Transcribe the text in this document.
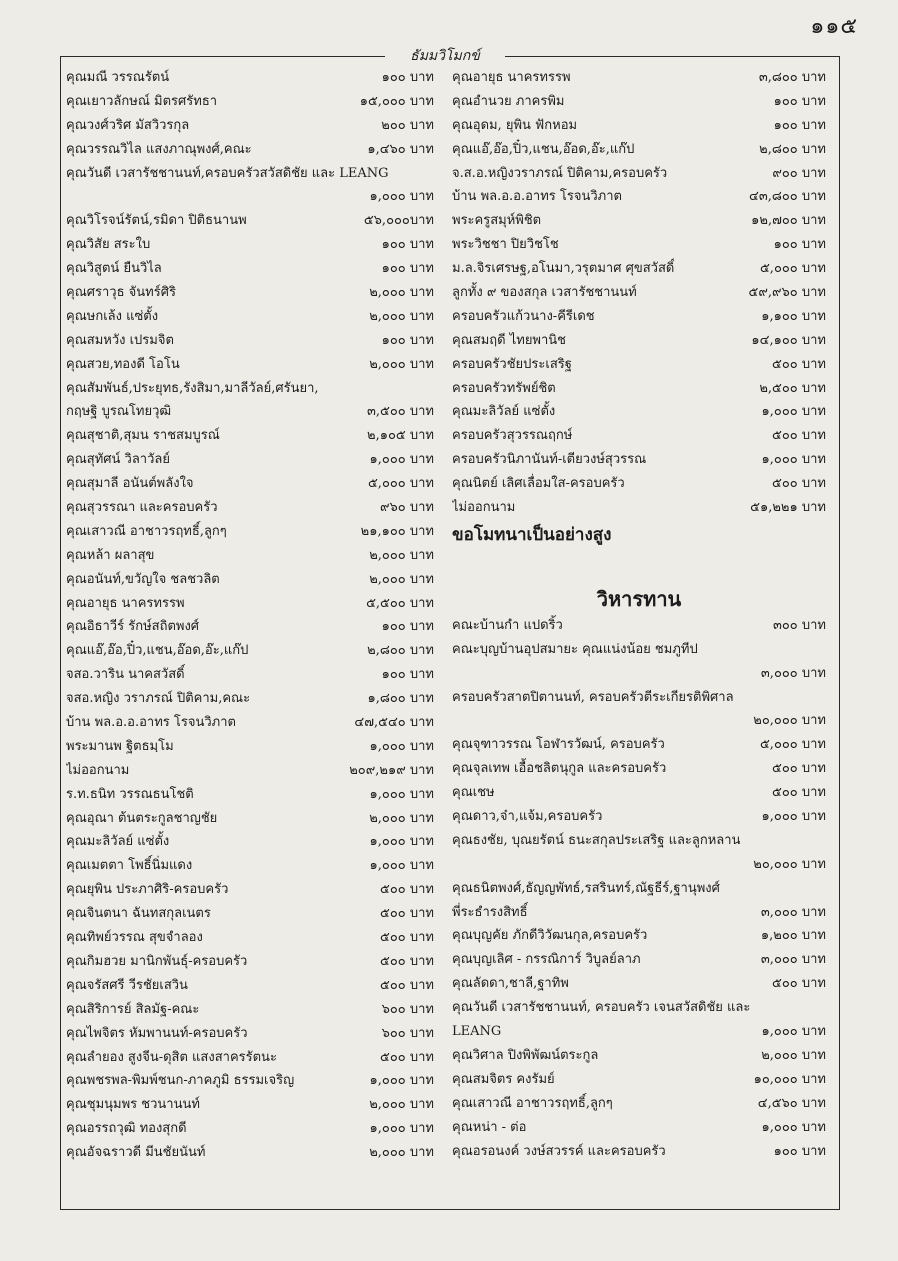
๑๑๕
ธัมมวิโมกข์
คุณมณี วรรณรัตน์	๑๐๐ บาท
คุณเยาวลักษณ์ มิตรศรัทธา	๑๕,๐๐๐ บาท
คุณวงศ์วริศ มัสวิวรกุล	๒๐๐ บาท
คุณวรรณวิไล แสงภาณุพงศ์,คณะ	๑,๔๖๐ บาท
คุณวันดี เวสารัชชานนท์,ครอบครัวสวัสดิชัย และ LEANG
๑,๐๐๐ บาท
คุณวิโรจน์รัตน์,รมิดา ปิติธนานพ	๕๖,๐๐๐บาท
คุณวิสัย สระใบ	๑๐๐ บาท
คุณวิสูตน์ ยืนวิไล	๑๐๐ บาท
คุณศราวุธ จันทร์ศิริ	๒,๐๐๐ บาท
คุณษกเล้ง แซ่ตั้ง	๒,๐๐๐ บาท
คุณสมหวัง เปรมจิต	๑๐๐ บาท
คุณสวย,ทองดี โอโน	๒,๐๐๐ บาท
คุณสัมพันธ์,ประยุทธ,รังสิมา,มาลีวัลย์,ศรันยา,
กฤษฐิ บูรณโทยวุฒิ	๓,๕๐๐ บาท
คุณสุชาติ,สุมน ราชสมบูรณ์	๒,๑๐๕ บาท
คุณสุทัศน์ วิลาวัลย์	๑,๐๐๐ บาท
คุณสุมาลี อนันต์พลังใจ	๕,๐๐๐ บาท
คุณสุวรรณา และครอบครัว	๙๖๐ บาท
คุณเสาวณี อาชาวรฤทธิ์,ลูกๆ	๒๑,๑๐๐ บาท
คุณหล้า ผลาสุข	๒,๐๐๐ บาท
คุณอนันท์,ขวัญใจ ชลชวลิต	๒,๐๐๐ บาท
คุณอายุธ นาครทรรพ	๕,๕๐๐ บาท
คุณอิธาวีร์ รักษ์สถิตพงศ์	๑๐๐ บาท
คุณแอ๊,อ๊อ,ปิ๋ว,แชน,อ๊อด,อ๊ะ,แก๊ป	๒,๘๐๐ บาท
จสอ.วาริน นาคสวัสดิ์	๑๐๐ บาท
จสอ.หญิง วราภรณ์ ปิติคาม,คณะ	๑,๘๐๐ บาท
บ้าน พล.อ.อ.อาทร โรจนวิภาต	๔๗,๕๔๐ บาท
พระมานพ ฐิตธมฺโม	๑,๐๐๐ บาท
ไม่ออกนาม	๒๐๙,๒๑๙ บาท
ร.ท.ธนิท วรรณธนโชติ	๑,๐๐๐ บาท
คุณอุณา ต้นตระกูลชาญชัย	๒,๐๐๐ บาท
คุณมะลิวัลย์ แซ่ตั้ง	๑,๐๐๐ บาท
คุณเมตตา โพธิ์นิ่มแดง	๑,๐๐๐ บาท
คุณยุพิน ประภาศิริ-ครอบครัว	๕๐๐ บาท
คุณจินตนา ฉันทสกุลเนตร	๕๐๐ บาท
คุณทิพย์วรรณ สุขจำลอง	๕๐๐ บาท
คุณกิมฮวย มานิกพันธุ์-ครอบครัว	๕๐๐ บาท
คุณจรัสศรี วีรชัยเสวิน	๕๐๐ บาท
คุณสิริการย์ สิลมัฐ-คณะ	๖๐๐ บาท
คุณไพจิตร หัมพานนท์-ครอบครัว	๖๐๐ บาท
คุณลำยอง สูงจีน-ดุสิต แสงสาครรัตนะ	๕๐๐ บาท
คุณพชรพล-พิมพ์ชนก-ภาคภูมิ ธรรมเจริญ	๑,๐๐๐ บาท
คุณชุมนุมพร ชวนานนท์	๒,๐๐๐ บาท
คุณอรรถวุฒิ ทองสุกดี	๑,๐๐๐ บาท
คุณอัจฉราวดี มีนชัยนันท์	๒,๐๐๐ บาท
คุณอายุธ นาครทรรพ	๓,๘๐๐ บาท
คุณอำนวย ภาครพิม	๑๐๐ บาท
คุณอุดม, ยุพิน ฟักหอม	๑๐๐ บาท
คุณแอ๊,อ๊อ,ปิ๋ว,แชน,อ๊อด,อ๊ะ,แก๊ป	๒,๘๐๐ บาท
จ.ส.อ.หญิงวราภรณ์ ปิติคาม,ครอบครัว	๙๐๐ บาท
บ้าน พล.อ.อ.อาทร โรจนวิภาต	๔๓,๘๐๐ บาท
พระครูสมุห์พิชิต	๑๒,๗๐๐ บาท
พระวิชชา ปิยวิชโช	๑๐๐ บาท
ม.ล.จิรเศรษฐ,อโนมา,วรุตมาศ ศุขสวัสดิ์	๕,๐๐๐ บาท
ลูกทั้ง ๙ ของสกุล เวสารัชชานนท์	๕๙,๙๖๐ บาท
ครอบครัวแก้วนาง-คีรีเดช	๑,๑๐๐ บาท
คุณสมฤดี ไทยพานิช	๑๔,๑๐๐ บาท
ครอบครัวชัยประเสริฐ	๕๐๐ บาท
ครอบครัวทรัพย์ชิต	๒,๕๐๐ บาท
คุณมะลิวัลย์ แซ่ตั้ง	๑,๐๐๐ บาท
ครอบครัวสุวรรณฤกษ์	๕๐๐ บาท
ครอบครัวนิภานันท์-เตียวงษ์สุวรรณ	๑,๐๐๐ บาท
คุณนิตย์ เลิศเลื่อมใส-ครอบครัว	๕๐๐ บาท
ไม่ออกนาม	๕๑,๒๒๑ บาท
ขอโมทนาเป็นอย่างสูง
วิหารทาน
คณะบ้านกำ แปดริ้ว	๓๐๐ บาท
คณะบุญบ้านอุปสมายะ คุณแน่งน้อย ชมภูทีป
๓,๐๐๐ บาท
ครอบครัวสาตปิตานนท์, ครอบครัวตีระเกียรติพิศาล
๒๐,๐๐๐ บาท
คุณจุฑาวรรณ โอฬารวัฒน์, ครอบครัว	๕,๐๐๐ บาท
คุณจุลเทพ เอื้อชลิตนุกูล และครอบครัว	๕๐๐ บาท
คุณเชษ	๕๐๐ บาท
คุณดาว,จ๋า,แจ้ม,ครอบครัว	๑,๐๐๐ บาท
คุณธงชัย, บุณยรัตน์ ธนะสกุลประเสริฐ และลูกหลาน
๒๐,๐๐๐ บาท
คุณธนิตพงศ์,ธัญญพัทธ์,รสรินทร์,ณัฐธีร์,ฐานุพงศ์
พี่ระธำรงสิทธิ์	๓,๐๐๐ บาท
คุณบุญคัย ภักดีวิวัฒนกุล,ครอบครัว	๑,๒๐๐ บาท
คุณบุญเลิศ - กรรณิการ์ วิบูลย์ลาภ	๓,๐๐๐ บาท
คุณลัดดา,ชาลี,ฐาทิพ	๕๐๐ บาท
คุณวันดี เวสารัชชานนท์, ครอบครัว เจนสวัสดิชัย และ
LEANG	๑,๐๐๐ บาท
คุณวิศาล ปิงพิพัฒน์ตระกูล	๒,๐๐๐ บาท
คุณสมจิตร คงรัมย์	๑๐,๐๐๐ บาท
คุณเสาวณี อาชาวรฤทธิ์,ลูกๆ	๔,๕๖๐ บาท
คุณหน่า - ต่อ	๑,๐๐๐ บาท
คุณอรอนงค์ วงษ์สวรรค์ และครอบครัว	๑๐๐ บาท
